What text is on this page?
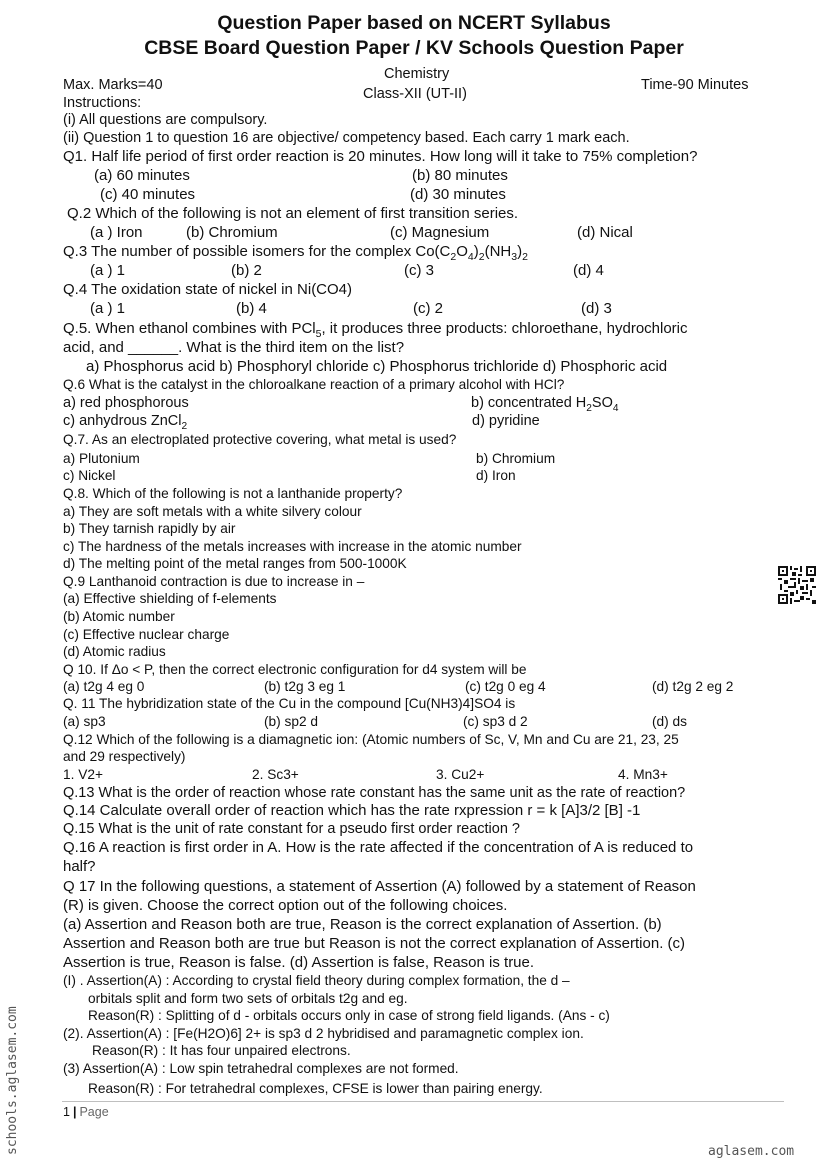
Question Paper based on NCERT Syllabus
CBSE Board Question Paper / KV Schools Question Paper
Chemistry
Class-XII (UT-II)
Max. Marks=40	Time-90 Minutes
Instructions:
(i) All questions are compulsory.
(ii) Question 1 to question 16 are objective/ competency based. Each carry 1 mark each.
Q1. Half life period of first order reaction is 20 minutes. How long will it take to 75% completion?
(a) 60 minutes	(b) 80 minutes
(c) 40 minutes	(d) 30 minutes
Q.2 Which of the following is not an element of first transition series.
(a ) Iron	(b) Chromium	(c) Magnesium	(d) Nical
Q.3 The number of possible isomers for the complex $Co(C_2O_4)_2(NH_3)_2$
(a ) 1	(b) 2	(c) 3	(d) 4
Q.4 The oxidation state of nickel in Ni(CO4)
(a ) 1	(b) 4	(c) 2	(d) 3
Q.5. When ethanol combines with PCl$_5$, it produces three products: chloroethane, hydrochloric
acid, and ______. What is the third item on the list?
a) Phosphorus acid b) Phosphoryl chloride c) Phosphorus trichloride d) Phosphoric acid
Q.6 What is the catalyst in the chloroalkane reaction of a primary alcohol with HCl?
a) red phosphorous	b) concentrated $H_2SO_4$
c) anhydrous ZnCl$_2$	d) pyridine
Q.7. As an electroplated protective covering, what metal is used?
a) Plutonium	b) Chromium
c) Nickel	d) Iron
Q.8. Which of the following is not a lanthanide property?
a) They are soft metals with a white silvery colour
b) They tarnish rapidly by air
c) The hardness of the metals increases with increase in the atomic number
d) The melting point of the metal ranges from 500-1000K
Q.9 Lanthanoid contraction is due to increase in –
(a) Effective shielding of f-elements
(b) Atomic number
(c) Effective nuclear charge
(d) Atomic radius
Q 10. If Δo < P, then the correct electronic configuration for d4 system will be
(a) t2g 4 eg 0	(b) t2g 3 eg 1	(c) t2g 0 eg 4	(d) t2g 2 eg 2
Q. 11 The hybridization state of the Cu in the compound [Cu(NH3)4]SO4 is
(a) sp3	(b) sp2 d	(c) sp3 d 2	(d) ds
Q.12 Which of the following is a diamagnetic ion: (Atomic numbers of Sc, V, Mn and Cu are 21, 23, 25
and 29 respectively)
1. V2+	2. Sc3+	3. Cu2+	4. Mn3+
Q.13 What is the order of reaction whose rate constant has the same unit as the rate of reaction?
Q.14 Calculate overall order of reaction which has the rate rxpression r = k [A]3/2 [B] -1
Q.15 What is the unit of rate constant for a pseudo first order reaction ?
Q.16 A reaction is first order in A. How is the rate affected if the concentration of A is reduced to
half?
Q 17 In the following questions, a statement of Assertion (A) followed by a statement of Reason
(R) is given. Choose the correct option out of the following choices.
(a) Assertion and Reason both are true, Reason is the correct explanation of Assertion. (b)
Assertion and Reason both are true but Reason is not the correct explanation of Assertion. (c)
Assertion is true, Reason is false. (d) Assertion is false, Reason is true.
(I) . Assertion(A) : According to crystal field theory during complex formation, the d –
orbitals split and form two sets of orbitals t2g and eg.
Reason(R) : Splitting of d - orbitals occurs only in case of strong field ligands. (Ans - c)
(2). Assertion(A) : [Fe(H2O)6] 2+ is sp3 d 2 hybridised and paramagnetic complex ion.
Reason(R) : It has four unpaired electrons.
(3) Assertion(A) : Low spin tetrahedral complexes are not formed.
Reason(R) : For tetrahedral complexes, CFSE is lower than pairing energy.
1 | Page
schools.aglasem.com	aglasem.com
